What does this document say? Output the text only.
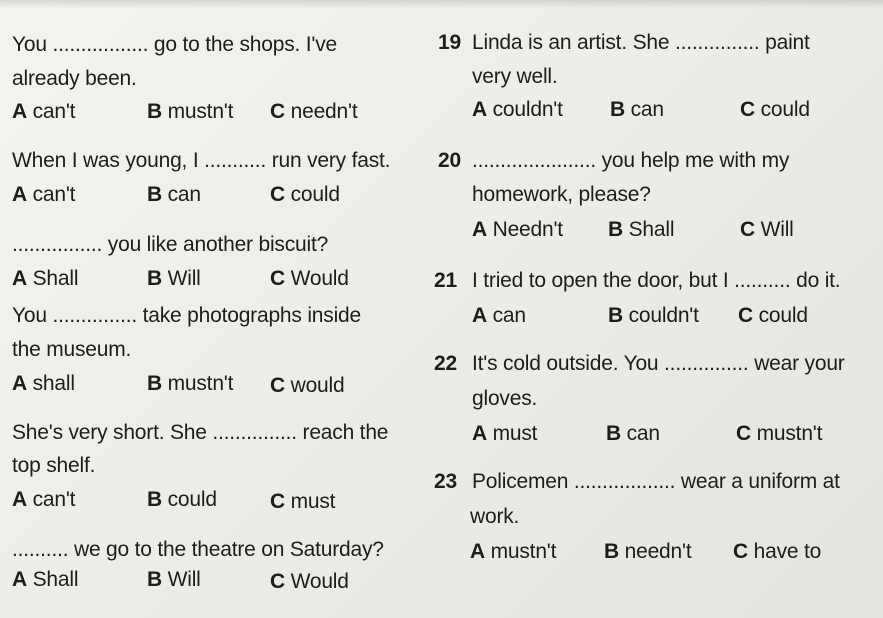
You ................. go to the shops. I've
already been.
A can't	B mustn't C needn't
When I was young, I ........... run very fast.
A can't	B can	C could
................ you like another biscuit?
A Shall	B Will	C Would
You ............... take photographs inside
the museum.
A shall	B mustn't C would
She's very short. She ............... reach the
top shelf.
A can't	B could	C must
.......... we go to the theatre on Saturday?
A Shall	B Will	C Would
19 Linda is an artist. She ............... paint
very well.
A couldn't B can	C could
20 ...................... you help me with my
homework, please?
A Needn't B Shall	C Will
21 I tried to open the door, but I .......... do it.
A can	B couldn't C could
22 It's cold outside. You ............... wear your
gloves.
A must	B can	C mustn't
23 Policemen .................. wear a uniform at
work.
A mustn't B needn't C have to
